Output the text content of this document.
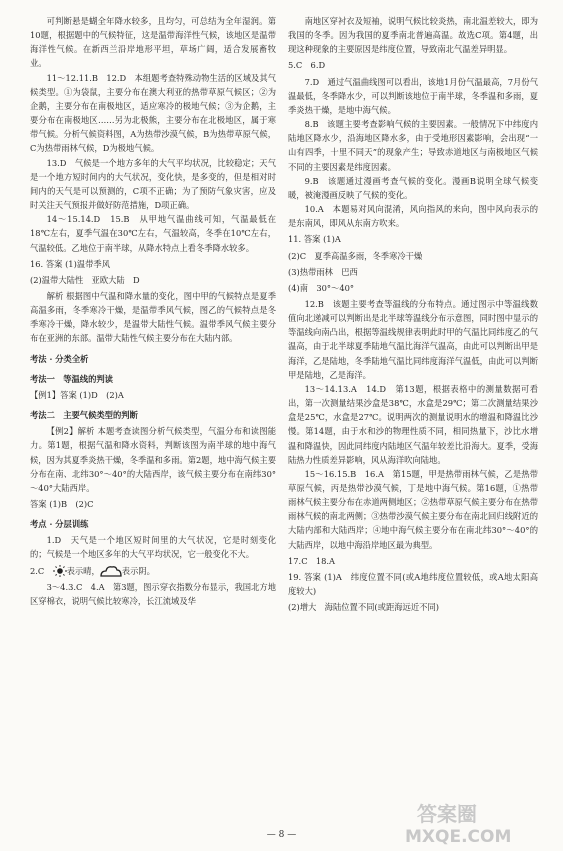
可判断悬是蝴全年降水较多，且均匀，可总结为全年湿润。第10题，根据题中的气候特征，这是温带海洋性气候，该地区是温带海洋性气候。在新西兰沿岸地形平坦，草场广阔，适合发展畜牧业。

11～12.11.B　12.D　本组题考查特殊动物生活的区域及其气候类型。①为袋鼠，主要分布在澳大利亚的热带草原气候区；②为企鹅，主要分布在南极地区，适应寒冷的极地气候；③为企鹅，主要分布在南极地区……另为北极熊，主要分布在北极地区，属于寒带气候。分析气候资料图，A为热带沙漠气候，B为热带草原气候，C为热带雨林气候，D为极地气候。

13.D　气候是一个地方多年的大气平均状况，比较稳定；天气是一个地方短时间内的大气状况，变化快，是多变的，但是相对时间内的天气是可以预测的，C项不正确；为了预防气象灾害，应及时关注天气预报并做好防范措施，D项正确。

14～15.14.D　15.B　从甲地气温曲线可知，气温最低在18℃左右，夏季气温在30℃左右，气温较高，冬季在10℃左右，气温较低。乙地位于南半球，从降水特点上看冬季降水较多。

16. 答案 (1)温带季风

(2)温带大陆性　亚欧大陆　D

解析 根据图中气温和降水量的变化，图中甲的气候特点是夏季高温多雨，冬季寒冷干燥，是温带季风气候，图乙的气候特点是冬季寒冷干燥，降水较少，是温带大陆性气候。温带季风气候主要分布在亚洲的东部。温带大陆性气候主要分布在大陆内部。

考法 · 分类全析

考法一　等温线的判读

【例1】答案 (1)D　(2)A

考法二　主要气候类型的判断

【例2】解析 本题考查读图分析气候类型，气温分布和读图能力。第1题，根据气温和降水资料，判断该图为南半球的地中海气候，因为其夏季炎热干燥，冬季温和多雨。第2题，地中海气候主要分布在南、北纬30°～40°的大陆西岸，该气候主要分布在南纬30°～40°大陆西岸。

答案 (1)B　(2)C

考点 · 分层训练

1.D　天气是一个地区短时间里的大气状况，它是时刻变化的；气候是一个地区多年的大气平均状况，它一般变化不大。

2.C 	表示晴，	表示阴。

3～4.3.C　4.A　第3题，图示穿衣指数分布显示，我国北方地区穿棉衣，说明气候比较寒冷，长江流域及华

南地区穿衬衣及短袖，说明气候比较炎热，南北温差较大，即为我国的冬季。因为我国的夏季南北普遍高温。故选C项。第4题，出现这种现象的主要原因是纬度位置，导致南北气温差异明显。

5.C　6.D

7.D　通过气温曲线图可以看出，该地1月份气温最高，7月份气温最低，冬季降水少，可以判断该地位于南半球，冬季温和多雨，夏季炎热干燥，是地中海气候。

8.B　该题主要考查影响气候的主要因素。一般情况下中纬度内陆地区降水少，沿海地区降水多，由于受地形因素影响，会出现“一山有四季，十里不同天”的现象产生；导致赤道地区与南极地区气候不同的主要因素是纬度因素。

9.B　该题通过漫画考查气候的变化。漫画B说明全球气候变暖，被淹漫画反映了气候的变化。

10.A　本题易对风向混淆，风向指风的来向，图中风向表示的是东南风，即风从东南方吹来。

11. 答案 (1)A

(2)C　夏季高温多雨，冬季寒冷干燥

(3)热带雨林　巴西

(4)南　30°～40°

12.B　该题主要考查等温线的分布特点。通过图示中等温线数值向北递减可以判断出是北半球等温线分布示意图，同时图中显示的等温线向南凸出，根据等温线规律表明此时甲的气温比同纬度乙的气温高，由于北半球夏季陆地气温比海洋气温高，由此可以判断出甲是海洋，乙是陆地，冬季陆地气温比同纬度海洋气温低，由此可以判断甲是陆地，乙是海洋。

13～14.13.A　14.D　第13题，根据表格中的测量数据可看出，第一次测量结果沙盒是38℃，水盒是29℃；第二次测量结果沙盒是25℃，水盒是27℃。说明两次的测量说明水的增温和降温比沙慢。第14题，由于水和沙的物理性质不同，相同热量下，沙比水增温和降温快，因此同纬度内陆地区气温年较差比沿海大。夏季，受海陆热力性质差异影响，风从海洋吹向陆地。

15～16.15.B　16.A　第15题，甲是热带雨林气候，乙是热带草原气候，丙是热带沙漠气候，丁是地中海气候。第16题，①热带雨林气候主要分布在赤道两侧地区；②热带草原气候主要分布在热带雨林气候的南北两侧；③热带沙漠气候主要分布在南北回归线附近的大陆内部和大陆西岸；④地中海气候主要分布在南北纬30°～40°的大陆西岸，以地中海沿岸地区最为典型。

17.C　18.A

19. 答案 (1)A　纬度位置不同(或A地纬度位置较低，或A地太阳高度较大)

(2)增大　海陆位置不同(或距海远近不同)

— 8 —
答案圈
MXQE.COM
